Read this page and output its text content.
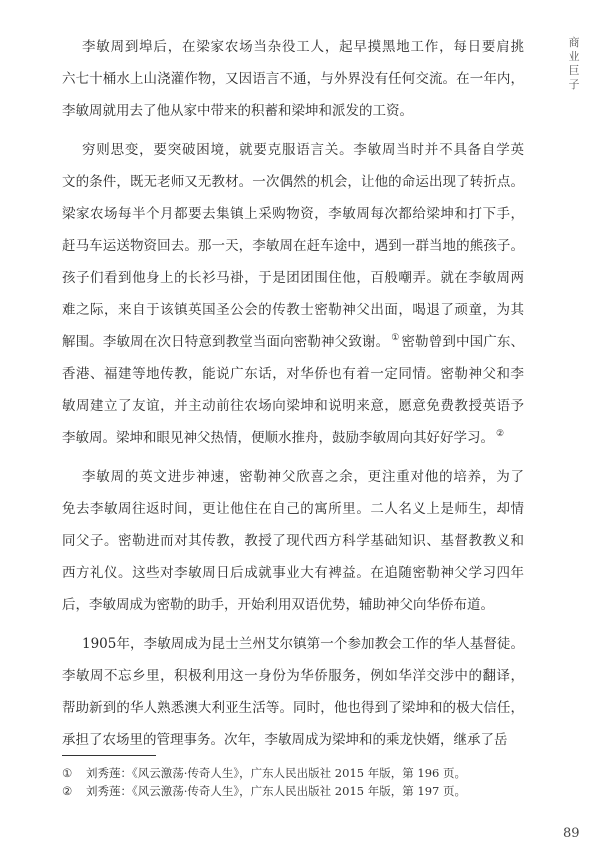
商业巨子
李敏周到埠后，在梁家农场当杂役工人，起早摸黑地工作，每日要肩挑
六七十桶水上山浇灌作物，又因语言不通，与外界没有任何交流。在一年内，
李敏周就用去了他从家中带来的积蓄和梁坤和派发的工资。
穷则思变，要突破困境，就要克服语言关。李敏周当时并不具备自学英
文的条件，既无老师又无教材。一次偶然的机会，让他的命运出现了转折点。
梁家农场每半个月都要去集镇上采购物资，李敏周每次都给梁坤和打下手，
赶马车运送物资回去。那一天，李敏周在赶车途中，遇到一群当地的熊孩子。
孩子们看到他身上的长衫马褂，于是团团围住他，百般嘲弄。就在李敏周两
难之际，来自于该镇英国圣公会的传教士密勒神父出面，喝退了顽童，为其
解围。李敏周在次日特意到教堂当面向密勒神父致谢。 ① 密勒曾到中国广东、
香港、福建等地传教，能说广东话，对华侨也有着一定同情。密勒神父和李
敏周建立了友谊，并主动前往农场向梁坤和说明来意，愿意免费教授英语予
李敏周。梁坤和眼见神父热情，便顺水推舟，鼓励李敏周向其好好学习。 ②
李敏周的英文进步神速，密勒神父欣喜之余，更注重对他的培养，为了
免去李敏周往返时间，更让他住在自己的寓所里。二人名义上是师生，却情
同父子。密勒进而对其传教，教授了现代西方科学基础知识、基督教教义和
西方礼仪。这些对李敏周日后成就事业大有裨益。在追随密勒神父学习四年
后，李敏周成为密勒的助手，开始利用双语优势，辅助神父向华侨布道。
1905年，李敏周成为昆士兰州艾尔镇第一个参加教会工作的华人基督徒。
李敏周不忘乡里，积极利用这一身份为华侨服务，例如华洋交涉中的翻译，
帮助新到的华人熟悉澳大利亚生活等。同时，他也得到了梁坤和的极大信任，
承担了农场里的管理事务。次年，李敏周成为梁坤和的乘龙快婿，继承了岳
① 刘秀莲：《风云激荡·传奇人生》，广东人民出版社 2015 年版，第 196 页。
② 刘秀莲：《风云激荡·传奇人生》，广东人民出版社 2015 年版，第 197 页。
89
